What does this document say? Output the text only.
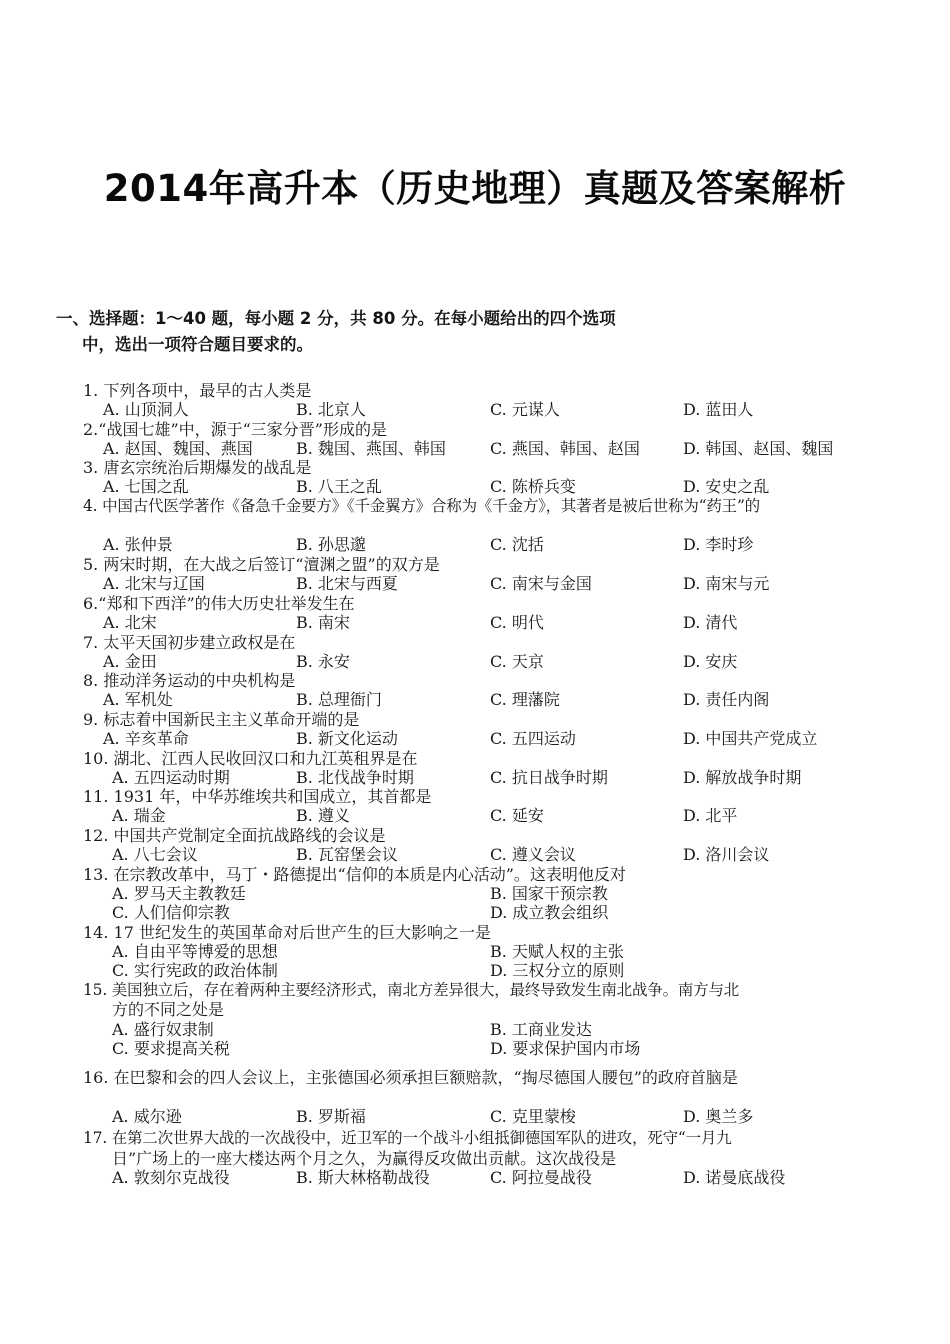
2014年高升本（历史地理）真题及答案解析
一、选择题：1～40 题，每小题 2 分，共 80 分。在每小题给出的四个选项
中，选出一项符合题目要求的。
1. 下列各项中，最早的古人类是
A. 山顶洞人	B. 北京人	C. 元谋人	D. 蓝田人
2.“战国七雄”中，源于“三家分晋”形成的是
A. 赵国、魏国、燕国	B. 魏国、燕国、韩国	C. 燕国、韩国、赵国	D. 韩国、赵国、魏国
3. 唐玄宗统治后期爆发的战乱是
A. 七国之乱	B. 八王之乱	C. 陈桥兵变	D. 安史之乱
4. 中国古代医学著作《备急千金要方》《千金翼方》合称为《千金方》，其著者是被后世称为“药王”的
A. 张仲景	B. 孙思邈	C. 沈括	D. 李时珍
5. 两宋时期，在大战之后签订“澶渊之盟”的双方是
A. 北宋与辽国	B. 北宋与西夏	C. 南宋与金国	D. 南宋与元
6.“郑和下西洋”的伟大历史壮举发生在
A. 北宋	B. 南宋	C. 明代	D. 清代
7. 太平天国初步建立政权是在
A. 金田	B. 永安	C. 天京	D. 安庆
8. 推动洋务运动的中央机构是
A. 军机处	B. 总理衙门	C. 理藩院	D. 责任内阁
9. 标志着中国新民主主义革命开端的是
A. 辛亥革命	B. 新文化运动	C. 五四运动	D. 中国共产党成立
10. 湖北、江西人民收回汉口和九江英租界是在
A. 五四运动时期	B. 北伐战争时期	C. 抗日战争时期	D. 解放战争时期
11. 1931 年，中华苏维埃共和国成立，其首都是
A. 瑞金	B. 遵义	C. 延安	D. 北平
12. 中国共产党制定全面抗战路线的会议是
A. 八七会议	B. 瓦窑堡会议	C. 遵义会议	D. 洛川会议
13. 在宗教改革中，马丁・路德提出“信仰的本质是内心活动”。这表明他反对
A. 罗马天主教教廷	B. 国家干预宗教
C. 人们信仰宗教	D. 成立教会组织
14. 17 世纪发生的英国革命对后世产生的巨大影响之一是
A. 自由平等博爱的思想	B. 天赋人权的主张
C. 实行宪政的政治体制	D. 三权分立的原则
15. 美国独立后，存在着两种主要经济形式，南北方差异很大，最终导致发生南北战争。南方与北
方的不同之处是
A. 盛行奴隶制	B. 工商业发达
C. 要求提高关税	D. 要求保护国内市场
16. 在巴黎和会的四人会议上，主张德国必须承担巨额赔款，“掏尽德国人腰包”的政府首脑是
A. 威尔逊	B. 罗斯福	C. 克里蒙梭	D. 奥兰多
17. 在第二次世界大战的一次战役中，近卫军的一个战斗小组抵御德国军队的进攻，死守“一月九
日”广场上的一座大楼达两个月之久，为赢得反攻做出贡献。这次战役是
A. 敦刻尔克战役	B. 斯大林格勒战役	C. 阿拉曼战役	D. 诺曼底战役
